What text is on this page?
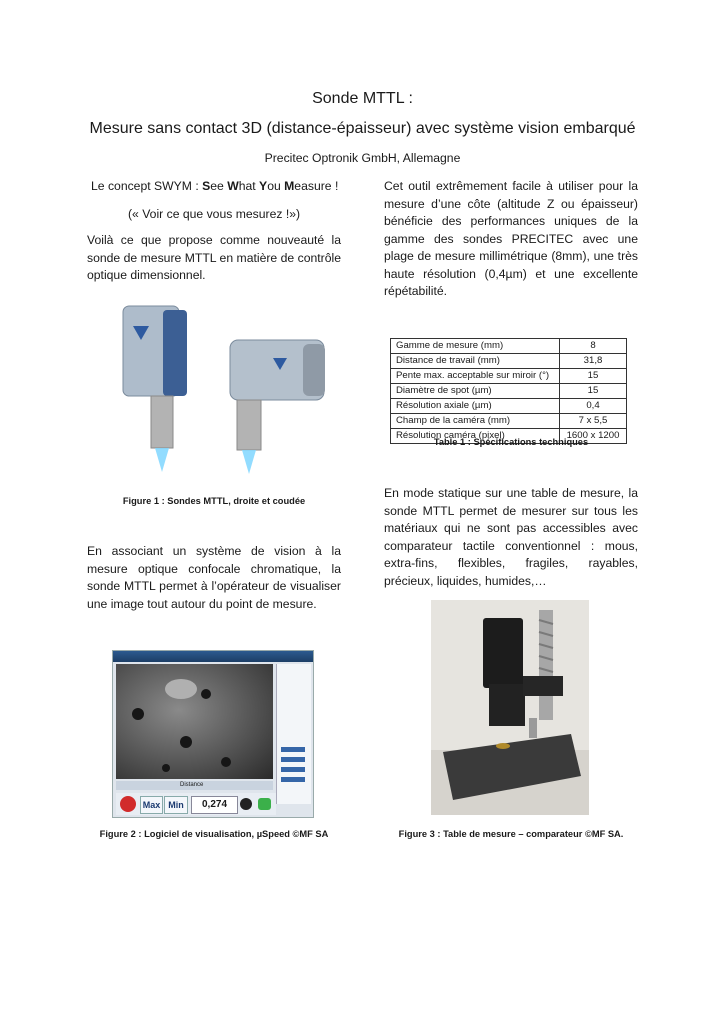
Sonde MTTL :
Mesure sans contact 3D (distance-épaisseur) avec système vision embarqué
Precitec Optronik GmbH, Allemagne
Le concept SWYM : See What You Measure !
(« Voir ce que vous mesurez !»)
Voilà ce que propose comme nouveauté la sonde de mesure MTTL en matière de contrôle optique dimensionnel.
Figure 1 : Sondes MTTL, droite et coudée
En associant un système de vision à la mesure optique confocale chromatique, la sonde MTTL permet à l’opérateur de visualiser une image tout autour du point de mesure.
Distance
Max Min	0,274
Figure 2 : Logiciel de visualisation, µSpeed ©MF SA
Cet outil extrêmement facile à utiliser pour la mesure d’une côte (altitude Z ou épaisseur) bénéficie des performances uniques de la gamme des sondes PRECITEC avec une plage de mesure millimétrique (8mm), une très haute résolution (0,4µm) et une excellente répétabilité.
Gamme de mesure (mm)	8
Distance de travail (mm)	31,8
Pente max. acceptable sur miroir (°)	15
Diamètre de spot (µm)	15
Résolution axiale (µm)	0,4
Champ de la caméra (mm)	7 x 5,5
Résolution caméra (pixel)	1600 x 1200
Table 1 : Spécifications techniques
En mode statique sur une table de mesure, la sonde MTTL permet de mesurer sur tous les matériaux qui ne sont pas accessibles avec comparateur tactile conventionnel : mous, extra-fins, flexibles, fragiles, rayables, précieux, liquides, humides,…
Figure 3 : Table de mesure – comparateur ©MF SA.
